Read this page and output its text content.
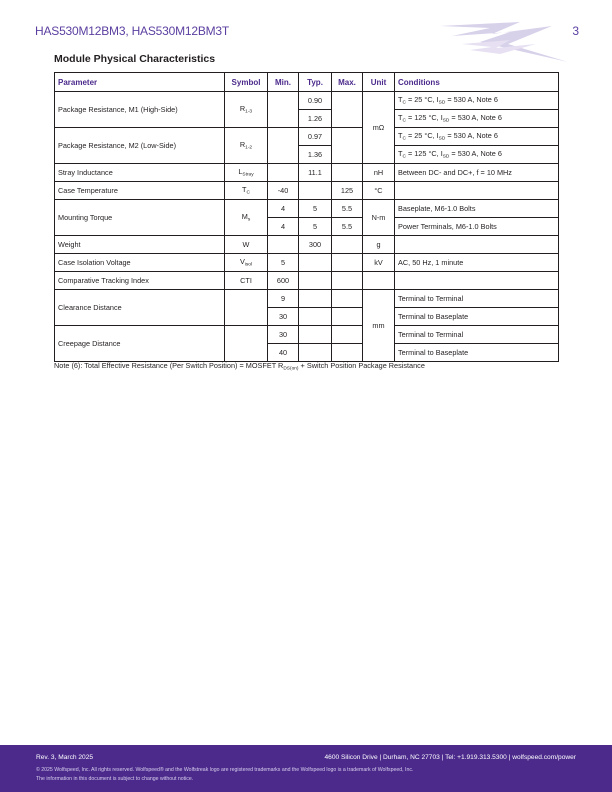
HAS530M12BM3, HAS530M12BM3T	3
Module Physical Characteristics
Parameter	Symbol	Min.	Typ.	Max.	Unit	Conditions
Package Resistance, M1 (High-Side)	$R_{1-3}$		0.90		mΩ	$T_C = 25$ °C, $I_{SD} = 530$ A, Note 6
			1.26			$T_C = 125$ °C, $I_{SD} = 530$ A, Note 6
Package Resistance, M2 (Low-Side)	$R_{1-2}$		0.97			$T_C = 25$ °C, $I_{SD} = 530$ A, Note 6
			1.36			$T_C = 125$ °C, $I_{SD} = 530$ A, Note 6
Stray Inductance	$L_{Stray}$		11.1		nH	Between DC- and DC+, f = 10 MHz
Case Temperature	$T_C$	-40		125	°C	
Mounting Torque	$M_s$	4	5	5.5	N-m	Baseplate, M6-1.0 Bolts
		4	5	5.5		Power Terminals, M6-1.0 Bolts
Weight	W		300		g	
Case Isolation Voltage	$V_{isol}$	5			kV	AC, 50 Hz, 1 minute
Comparative Tracking Index	CTI	600				
Clearance Distance		9			mm	Terminal to Terminal
		30				Terminal to Baseplate
Creepage Distance		30				Terminal to Terminal
		40				Terminal to Baseplate
Note (6): Total Effective Resistance (Per Switch Position) = MOSFET $R_{DS(on)}$ + Switch Position Package Resistance
Rev. 3, March 2025	4600 Silicon Drive | Durham, NC 27703 | Tel: +1.919.313.5300 | wolfspeed.com/power
© 2025 Wolfspeed, Inc. All rights reserved. Wolfspeed® and the Wolfstreak logo are registered trademarks and the Wolfspeed logo is a trademark of Wolfspeed, Inc.
The information in this document is subject to change without notice.
